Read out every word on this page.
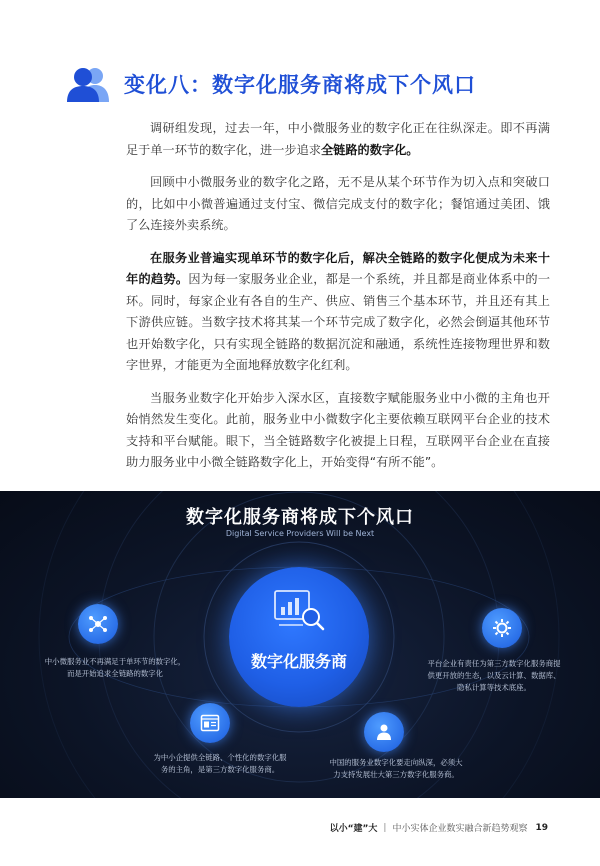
变化八：数字化服务商将成下个风口

调研组发现，过去一年，中小微服务业的数字化正在往纵深走。即不再满足于单一环节的数字化，进一步追求全链路的数字化。

回顾中小微服务业的数字化之路，无不是从某个环节作为切入点和突破口的，比如中小微普遍通过支付宝、微信完成支付的数字化；餐馆通过美团、饿了么连接外卖系统。

在服务业普遍实现单环节的数字化后，解决全链路的数字化便成为未来十年的趋势。因为每一家服务业企业，都是一个系统，并且都是商业体系中的一环。同时，每家企业有各自的生产、供应、销售三个基本环节，并且还有其上下游供应链。当数字技术将其某一个环节完成了数字化，必然会倒逼其他环节也开始数字化，只有实现全链路的数据沉淀和融通，系统性连接物理世界和数字世界，才能更为全面地释放数字化红利。

当服务业数字化开始步入深水区，直接数字赋能服务业中小微的主角也开始悄然发生变化。此前，服务业中小微数字化主要依赖互联网平台企业的技术支持和平台赋能。眼下，当全链路数字化被提上日程，互联网平台企业在直接助力服务业中小微全链路数字化上，开始变得“有所不能”。

数字化服务商将成下个风口
Digital Service Providers Will be Next
数字化服务商
中小微服务业不再满足于单环节的数字化，
而是开始追求全链路的数字化
平台企业有责任为第三方数字化服务商提
供更开放的生态，以及云计算、数据库、
隐私计算等技术底座。
为中小企提供全链路、个性化的数字化服
务的主角，是第三方数字化服务商。
中国的服务业数字化要走向纵深，必须大
力支持发展壮大第三方数字化服务商。
以小“建”大 | 中小实体企业数实融合新趋势观察 19
